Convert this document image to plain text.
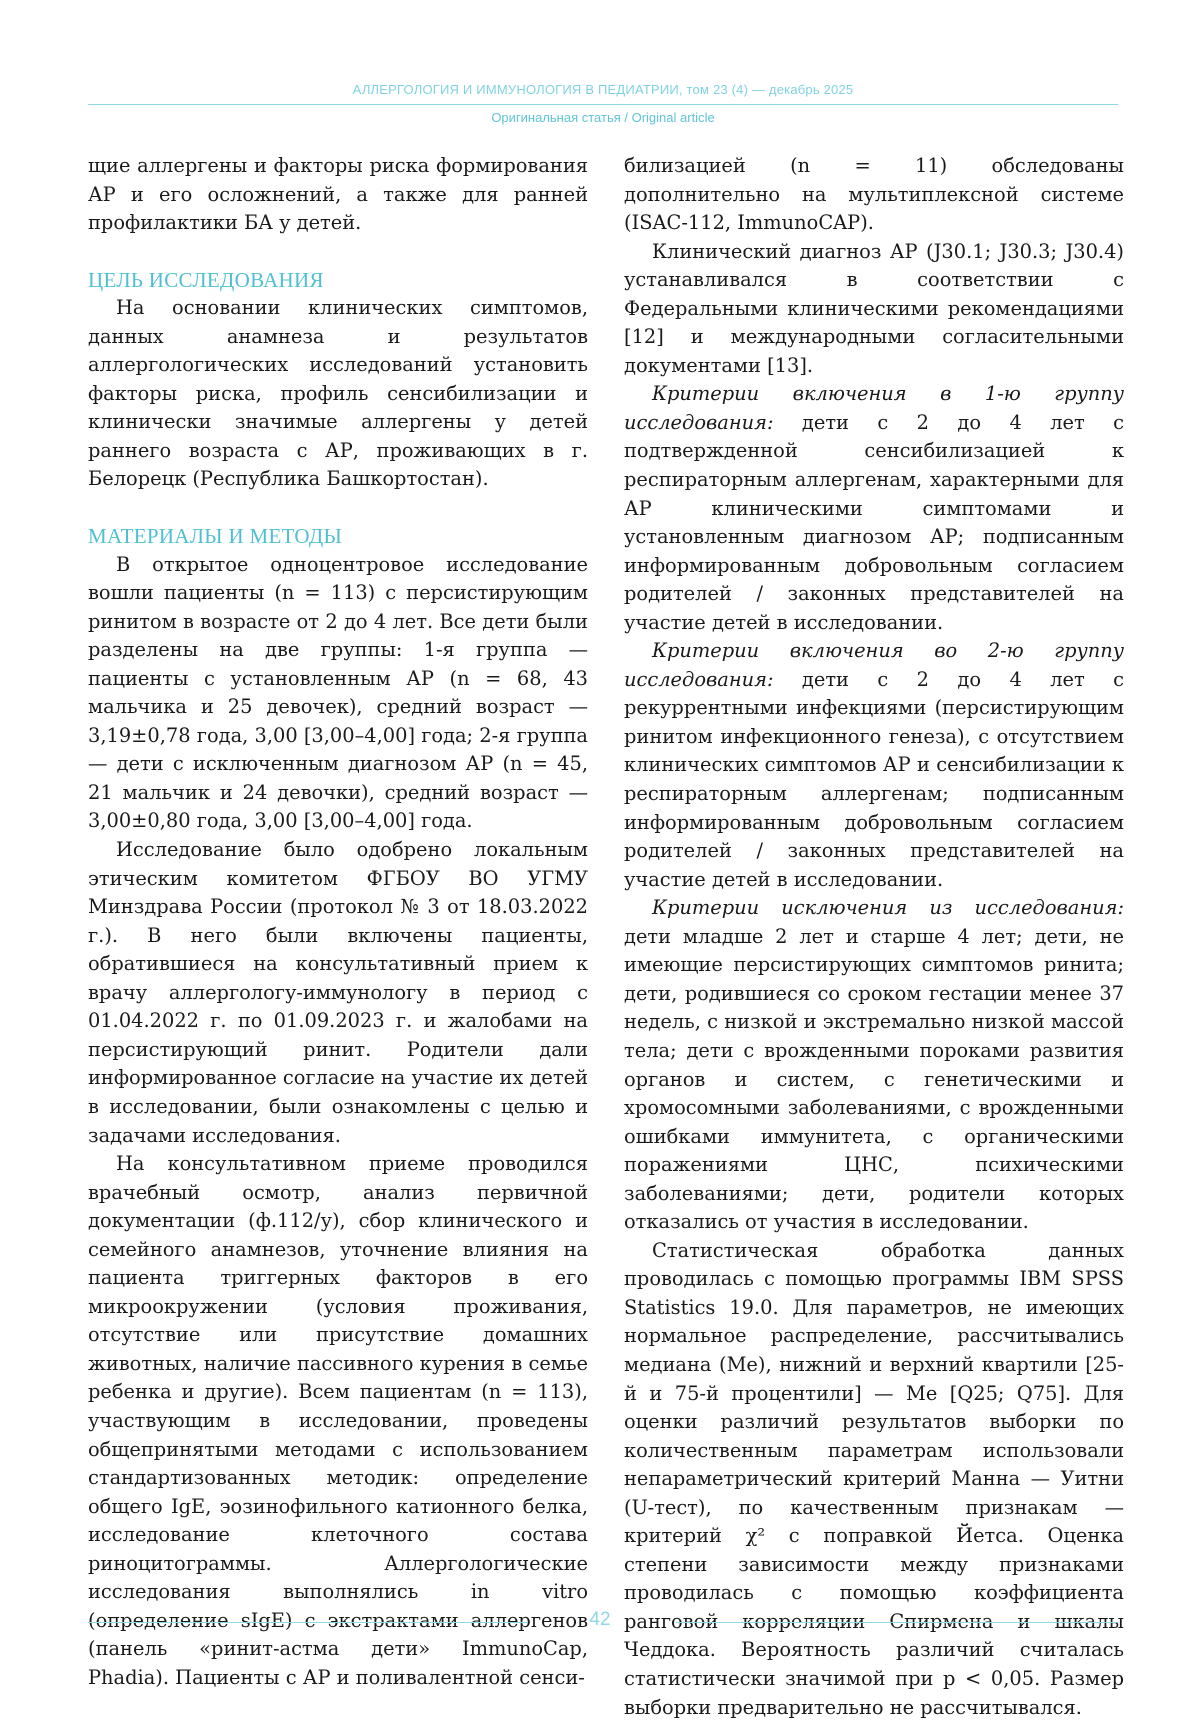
АЛЛЕРГОЛОГИЯ И ИММУНОЛОГИЯ В ПЕДИАТРИИ, том 23 (4) — декабрь 2025
Оригинальная статья / Original article

щие аллергены и факторы риска формирования АР и его осложнений, а также для ранней профилактики БА у детей.

ЦЕЛЬ ИССЛЕДОВАНИЯ

На основании клинических симптомов, данных анамнеза и результатов аллергологических исследований установить факторы риска, профиль сенсибилизации и клинически значимые аллергены у детей раннего возраста с АР, проживающих в г. Белорецк (Республика Башкортостан).

МАТЕРИАЛЫ И МЕТОДЫ

В открытое одноцентровое исследование вошли пациенты (n = 113) с персистирующим ринитом в возрасте от 2 до 4 лет. Все дети были разделены на две группы: 1-я группа — пациенты с установленным АР (n = 68, 43 мальчика и 25 девочек), средний возраст — 3,19±0,78 года, 3,00 [3,00–4,00] года; 2-я группа — дети с исключенным диагнозом АР (n = 45, 21 мальчик и 24 девочки), средний возраст — 3,00±0,80 года, 3,00 [3,00–4,00] года.

Исследование было одобрено локальным этическим комитетом ФГБОУ ВО УГМУ Минздрава России (протокол № 3 от 18.03.2022 г.). В него были включены пациенты, обратившиеся на консультативный прием к врачу аллергологу-иммунологу в период с 01.04.2022 г. по 01.09.2023 г. и жалобами на персистирующий ринит. Родители дали информированное согласие на участие их детей в исследовании, были ознакомлены с целью и задачами исследования.

На консультативном приеме проводился врачебный осмотр, анализ первичной документации (ф.112/у), сбор клинического и семейного анамнезов, уточнение влияния на пациента триггерных факторов в его микроокружении (условия проживания, отсутствие или присутствие домашних животных, наличие пассивного курения в семье ребенка и другие). Всем пациентам (n = 113), участвующим в исследовании, проведены общепринятыми методами с использованием стандартизованных методик: определение общего IgE, эозинофильного катионного белка, исследование клеточного состава риноцитограммы. Аллергологические исследования выполнялись in vitro (определение sIgE) с экстрактами аллергенов (панель «ринит-астма дети» ImmunoCap, Phadia). Пациенты с АР и поливалентной сенси-

билизацией (n = 11) обследованы дополнительно на мультиплексной системе (ISAC-112, ImmunoCAP).

Клинический диагноз АР (J30.1; J30.3; J30.4) устанавливался в соответствии с Федеральными клиническими рекомендациями [12] и международными согласительными документами [13].

Критерии включения в 1-ю группу исследования: дети с 2 до 4 лет с подтвержденной сенсибилизацией к респираторным аллергенам, характерными для АР клиническими симптомами и установленным диагнозом АР; подписанным информированным добровольным согласием родителей / законных представителей на участие детей в исследовании.

Критерии включения во 2-ю группу исследования: дети с 2 до 4 лет с рекуррентными инфекциями (персистирующим ринитом инфекционного генеза), с отсутствием клинических симптомов АР и сенсибилизации к респираторным аллергенам; подписанным информированным добровольным согласием родителей / законных представителей на участие детей в исследовании.

Критерии исключения из исследования: дети младше 2 лет и старше 4 лет; дети, не имеющие персистирующих симптомов ринита; дети, родившиеся со сроком гестации менее 37 недель, с низкой и экстремально низкой массой тела; дети с врожденными пороками развития органов и систем, с генетическими и хромосомными заболеваниями, с врожденными ошибками иммунитета, с органическими поражениями ЦНС, психическими заболеваниями; дети, родители которых отказались от участия в исследовании.

Статистическая обработка данных проводилась с помощью программы IBM SPSS Statistics 19.0. Для параметров, не имеющих нормальное распределение, рассчитывались медиана (Me), нижний и верхний квартили [25-й и 75-й процентили] — Me [Q25; Q75]. Для оценки различий результатов выборки по количественным параметрам использовали непараметрический критерий Манна — Уитни (U-тест), по качественным признакам — критерий χ² с поправкой Йетса. Оценка степени зависимости между признаками проводилась с помощью коэффициента ранговой корреляции Спирмена и шкалы Чеддока. Вероятность различий считалась статистически значимой при p < 0,05. Размер выборки предварительно не рассчитывался.

42
